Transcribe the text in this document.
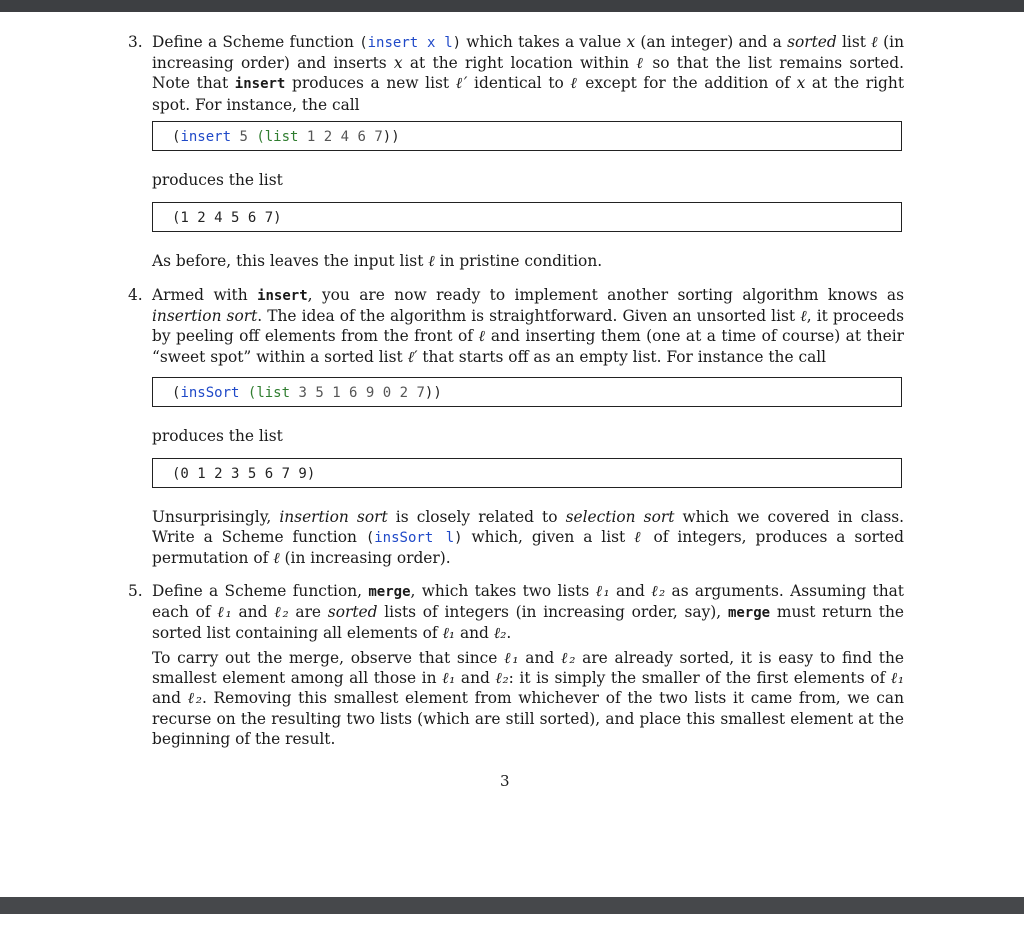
3. Define a Scheme function (insert x l) which takes a value x (an integer) and a sorted list ℓ (in increasing order) and inserts x at the right location within ℓ so that the list remains sorted. Note that insert produces a new list ℓ′ identical to ℓ except for the addition of x at the right spot. For instance, the call
(insert 5 (list 1 2 4 6 7))
produces the list
(1 2 4 5 6 7)
As before, this leaves the input list ℓ in pristine condition.
4. Armed with insert, you are now ready to implement another sorting algorithm knows as insertion sort. The idea of the algorithm is straightforward. Given an unsorted list ℓ, it proceeds by peeling off elements from the front of ℓ and inserting them (one at a time of course) at their “sweet spot” within a sorted list ℓ′ that starts off as an empty list. For instance the call
(insSort (list 3 5 1 6 9 0 2 7))
produces the list
(0 1 2 3 5 6 7 9)
Unsurprisingly, insertion sort is closely related to selection sort which we covered in class. Write a Scheme function (insSort l) which, given a list ℓ of integers, produces a sorted permutation of ℓ (in increasing order).
5. Define a Scheme function, merge, which takes two lists ℓ₁ and ℓ₂ as arguments. Assuming that each of ℓ₁ and ℓ₂ are sorted lists of integers (in increasing order, say), merge must return the sorted list containing all elements of ℓ₁ and ℓ₂.
To carry out the merge, observe that since ℓ₁ and ℓ₂ are already sorted, it is easy to find the smallest element among all those in ℓ₁ and ℓ₂: it is simply the smaller of the first elements of ℓ₁ and ℓ₂. Removing this smallest element from whichever of the two lists it came from, we can recurse on the resulting two lists (which are still sorted), and place this smallest element at the beginning of the result.
3
